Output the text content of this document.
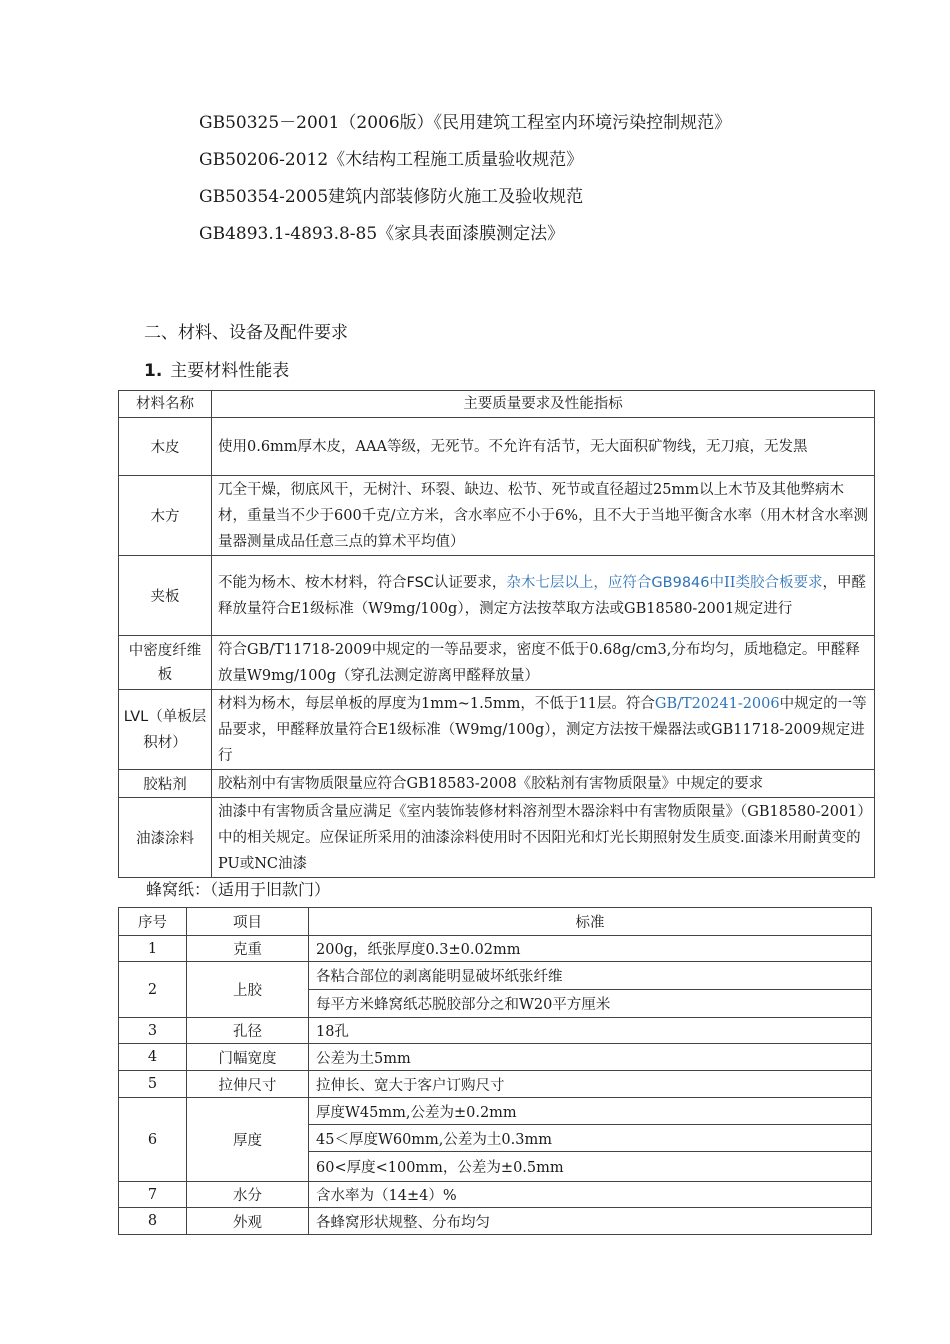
GB50325－2001（2006版）《民用建筑工程室内环境污染控制规范》
GB50206-2012《木结构工程施工质量验收规范》
GB50354-2005建筑内部装修防火施工及验收规范
GB4893.1-4893.8-85《家具表面漆膜测定法》
二、材料、设备及配件要求
1. 主要材料性能表
材料名称	主要质量要求及性能指标
木皮	使用0.6mm厚木皮，AAA等级，无死节。不允许有活节，无大面积矿物线，无刀痕，无发黑

木方	兀全干燥，彻底风干，无树汁、环裂、缺边、松节、死节或直径超过25mm以上木节及其他弊病木材，重量当不少于600千克/立方米，含水率应不小于6%，且不大于当地平衡含水率（用木材含水率测量器测量成品任意三点的算术平均值）
夹板	不能为杨木、桉木材料，符合FSC认证要求，杂木七层以上，应符合GB9846中II类胶合板要求，甲醛释放量符合E1级标准（W9mg/100g），测定方法按萃取方法或GB18580-2001规定进行
中密度纤维板	符合GB/T11718-2009中规定的一等品要求，密度不低于0.68g/cm3,分布均匀，质地稳定。甲醛释放量W9mg/100g（穿孔法测定游离甲醛释放量）
LVL（单板层积材）	材料为杨木，每层单板的厚度为1mm~1.5mm，不低于11层。符合GB/T20241-2006中规定的一等品要求，甲醛释放量符合E1级标准（W9mg/100g），测定方法按干燥器法或GB11718-2009规定进行
胶粘剂	胶粘剂中有害物质限量应符合GB18583-2008《胶粘剂有害物质限量》中规定的要求
油漆涂料	油漆中有害物质含量应满足《室内装饰装修材料溶剂型木器涂料中有害物质限量》（GB18580-2001）中的相关规定。应保证所采用的油漆涂料使用时不因阳光和灯光长期照射发生质变.面漆米用耐黄变的PU或NC油漆
蜂窝纸：（适用于旧款门）
序号	项目	标准
1	克重	200g，纸张厚度0.3±0.02mm
2	上胶	各粘合部位的剥离能明显破坏纸张纤维
		每平方米蜂窝纸芯脱胶部分之和W20平方厘米
3	孔径	18孔
4	门幅宽度	公差为土5mm
5	拉伸尺寸	拉伸长、宽大于客户订购尺寸
6	厚度	厚度W45mm,公差为±0.2mm
		45＜厚度W60mm,公差为土0.3mm
		60<厚度<100mm，公差为±0.5mm
7	水分	含水率为（14±4）%
8	外观	各蜂窝形状规整、分布均匀
